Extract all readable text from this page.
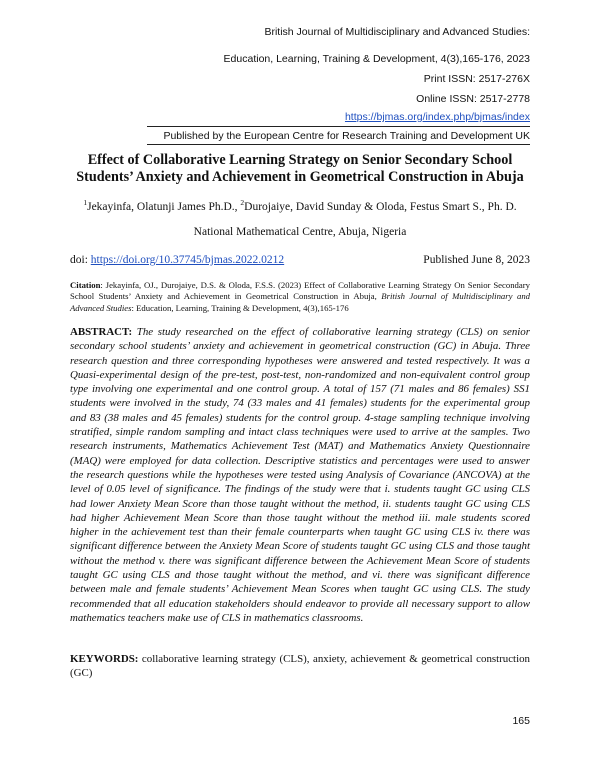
British Journal of Multidisciplinary and Advanced Studies:
Education, Learning, Training & Development, 4(3),165-176, 2023
Print ISSN: 2517-276X
Online ISSN: 2517-2778
https://bjmas.org/index.php/bjmas/index
Published by the European Centre for Research Training and Development UK
Effect of Collaborative Learning Strategy on Senior Secondary School Students’ Anxiety and Achievement in Geometrical Construction in Abuja
$^1$Jekayinfa, Olatunji James Ph.D., $^2$Durojaiye, David Sunday & Oloda, Festus Smart S., Ph. D.
National Mathematical Centre, Abuja, Nigeria
doi: https://doi.org/10.37745/bjmas.2022.0212	Published June 8, 2023
Citation: Jekayinfa, OJ., Durojaiye, D.S. & Oloda, F.S.S. (2023) Effect of Collaborative Learning Strategy On Senior Secondary School Students’ Anxiety and Achievement in Geometrical Construction in Abuja, British Journal of Multidisciplinary and Advanced Studies: Education, Learning, Training & Development, 4(3),165-176
ABSTRACT: The study researched on the effect of collaborative learning strategy (CLS) on senior secondary school students’ anxiety and achievement in geometrical construction (GC) in Abuja. Three research question and three corresponding hypotheses were answered and tested respectively. It was a Quasi-experimental design of the pre-test, post-test, non-randomized and non-equivalent control group type involving one experimental and one control group. A total of 157 (71 males and 86 females) SS1 students were involved in the study, 74 (33 males and 41 females) students for the experimental group and 83 (38 males and 45 females) students for the control group. 4-stage sampling technique involving stratified, simple random sampling and intact class techniques were used to arrive at the samples. Two research instruments, Mathematics Achievement Test (MAT) and Mathematics Anxiety Questionnaire (MAQ) were employed for data collection. Descriptive statistics and percentages were used to answer the research questions while the hypotheses were tested using Analysis of Covariance (ANCOVA) at the level of 0.05 level of significance. The findings of the study were that i. students taught GC using CLS had lower Anxiety Mean Score than those taught without the method, ii. students taught GC using CLS had higher Achievement Mean Score than those taught without the method iii. male students scored higher in the achievement test than their female counterparts when taught GC using CLS iv. there was significant difference between the Anxiety Mean Score of students taught GC using CLS and those taught without the method v. there was significant difference between the Achievement Mean Score of students taught GC using CLS and those taught without the method, and vi. there was significant difference between male and female students’ Achievement Mean Scores when taught GC using CLS. The study recommended that all education stakeholders should endeavor to provide all necessary support to allow mathematics teachers make use of CLS in mathematics classrooms.
KEYWORDS: collaborative learning strategy (CLS), anxiety, achievement & geometrical construction (GC)
165
